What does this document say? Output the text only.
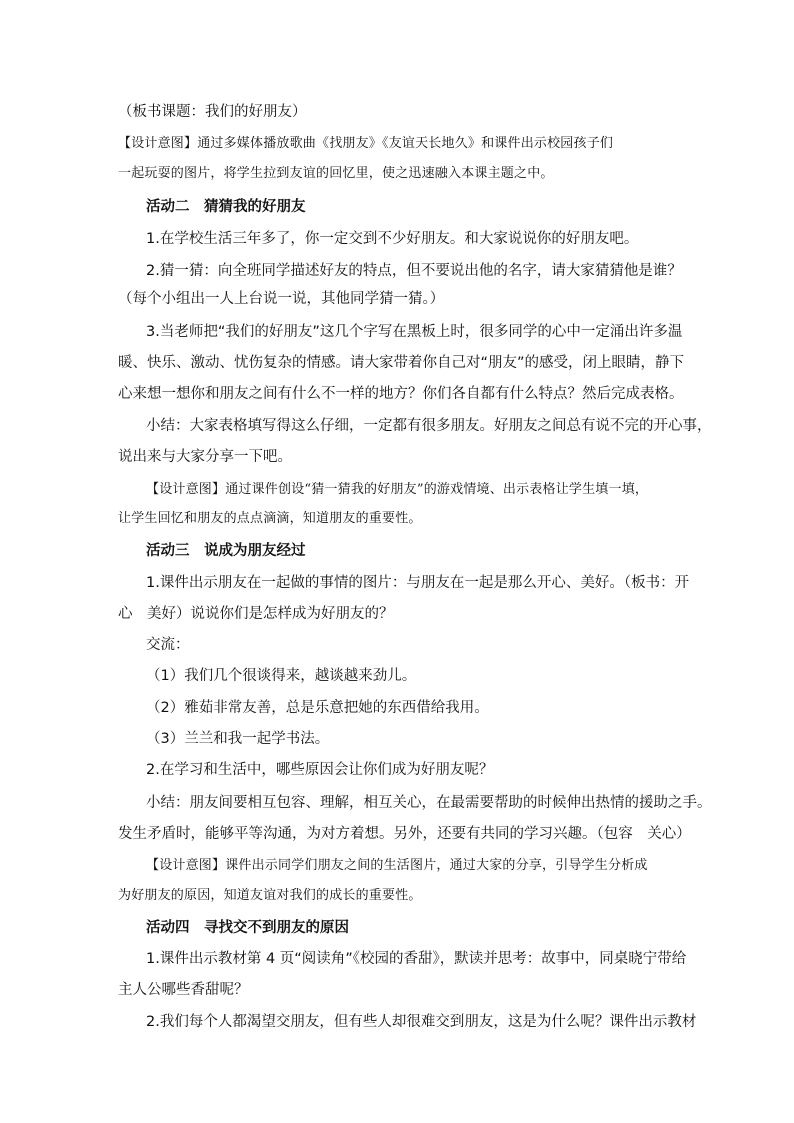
（板书课题：我们的好朋友）
【设计意图】通过多媒体播放歌曲《找朋友》《友谊天长地久》和课件出示校园孩子们
一起玩耍的图片，将学生拉到友谊的回忆里，使之迅速融入本课主题之中。
活动二　猜猜我的好朋友
1.在学校生活三年多了，你一定交到不少好朋友。和大家说说你的好朋友吧。
2.猜一猜：向全班同学描述好友的特点，但不要说出他的名字，请大家猜猜他是谁？
（每个小组出一人上台说一说，其他同学猜一猜。）
3.当老师把“我们的好朋友”这几个字写在黑板上时，很多同学的心中一定涌出许多温
暖、快乐、激动、忧伤复杂的情感。请大家带着你自己对“朋友”的感受，闭上眼睛，静下
心来想一想你和朋友之间有什么不一样的地方？你们各自都有什么特点？然后完成表格。
小结：大家表格填写得这么仔细，一定都有很多朋友。好朋友之间总有说不完的开心事，
说出来与大家分享一下吧。
【设计意图】通过课件创设“猜一猜我的好朋友”的游戏情境、出示表格让学生填一填，
让学生回忆和朋友的点点滴滴，知道朋友的重要性。
活动三　说成为朋友经过
1.课件出示朋友在一起做的事情的图片：与朋友在一起是那么开心、美好。（板书：开
心　美好）说说你们是怎样成为好朋友的？
交流：
（1）我们几个很谈得来，越谈越来劲儿。
（2）雅茹非常友善，总是乐意把她的东西借给我用。
（3）兰兰和我一起学书法。
2.在学习和生活中，哪些原因会让你们成为好朋友呢？
小结：朋友间要相互包容、理解，相互关心，在最需要帮助的时候伸出热情的援助之手。
发生矛盾时，能够平等沟通，为对方着想。另外，还要有共同的学习兴趣。（包容　关心）
【设计意图】课件出示同学们朋友之间的生活图片，通过大家的分享，引导学生分析成
为好朋友的原因，知道友谊对我们的成长的重要性。
活动四　寻找交不到朋友的原因
1.课件出示教材第 4 页“阅读角”《校园的香甜》，默读并思考：故事中，同桌晓宁带给
主人公哪些香甜呢？
2.我们每个人都渴望交朋友，但有些人却很难交到朋友，这是为什么呢？课件出示教材
